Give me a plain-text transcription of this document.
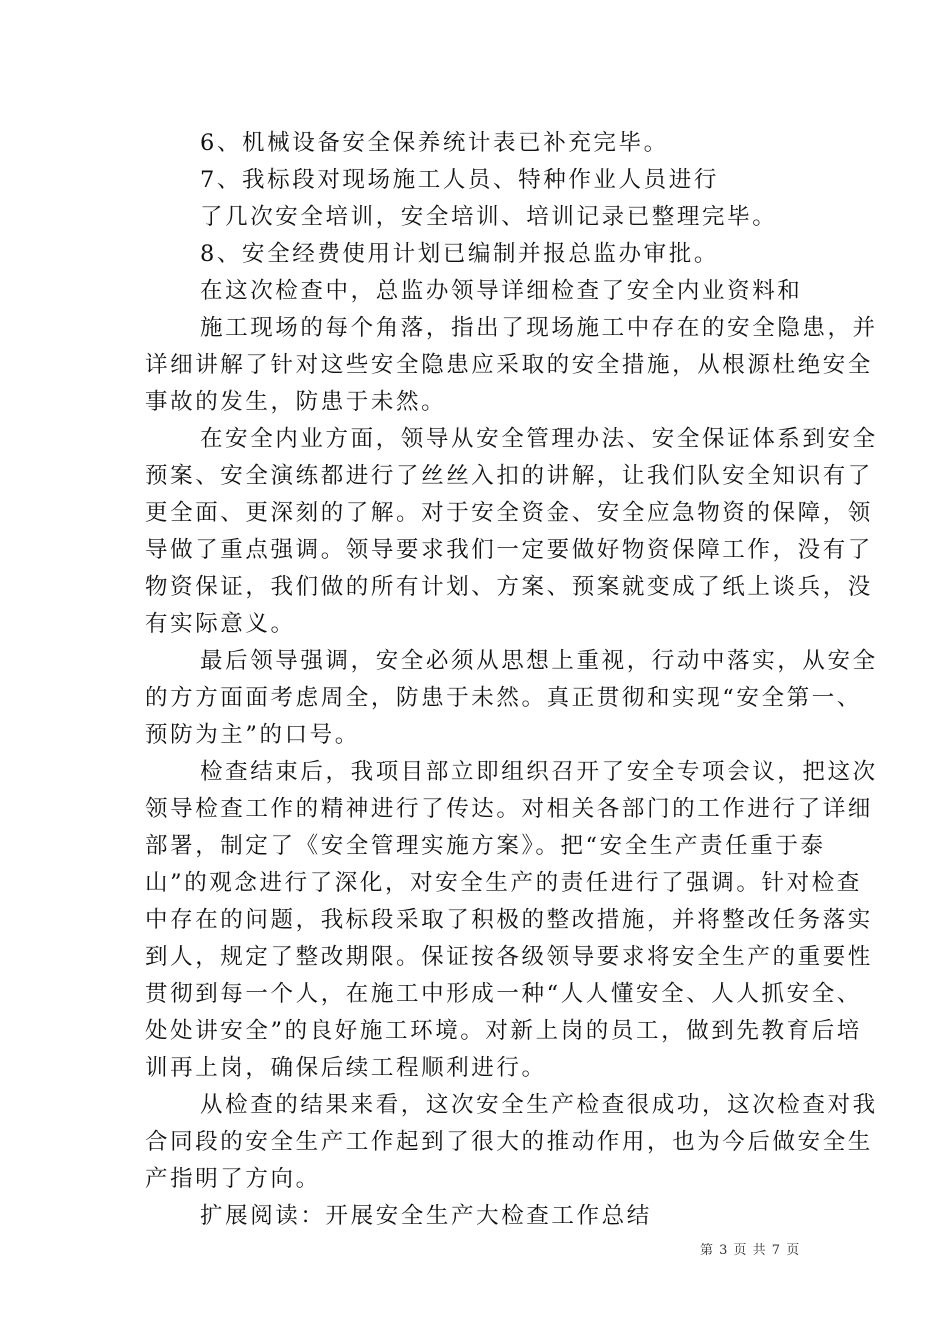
6、机械设备安全保养统计表已补充完毕。
7、我标段对现场施工人员、特种作业人员进行
了几次安全培训，安全培训、培训记录已整理完毕。
8、安全经费使用计划已编制并报总监办审批。
在这次检查中，总监办领导详细检查了安全内业资料和
施工现场的每个角落，指出了现场施工中存在的安全隐患，并
详细讲解了针对这些安全隐患应采取的安全措施，从根源杜绝安全
事故的发生，防患于未然。
在安全内业方面，领导从安全管理办法、安全保证体系到安全
预案、安全演练都进行了丝丝入扣的讲解，让我们队安全知识有了
更全面、更深刻的了解。对于安全资金、安全应急物资的保障，领
导做了重点强调。领导要求我们一定要做好物资保障工作，没有了
物资保证，我们做的所有计划、方案、预案就变成了纸上谈兵，没
有实际意义。
最后领导强调，安全必须从思想上重视，行动中落实，从安全
的方方面面考虑周全，防患于未然。真正贯彻和实现“安全第一、
预防为主”的口号。
检查结束后，我项目部立即组织召开了安全专项会议，把这次
领导检查工作的精神进行了传达。对相关各部门的工作进行了详细
部署，制定了《安全管理实施方案》。把“安全生产责任重于泰
山”的观念进行了深化，对安全生产的责任进行了强调。针对检查
中存在的问题，我标段采取了积极的整改措施，并将整改任务落实
到人，规定了整改期限。保证按各级领导要求将安全生产的重要性
贯彻到每一个人，在施工中形成一种“人人懂安全、人人抓安全、
处处讲安全”的良好施工环境。对新上岗的员工，做到先教育后培
训再上岗，确保后续工程顺利进行。
从检查的结果来看，这次安全生产检查很成功，这次检查对我
合同段的安全生产工作起到了很大的推动作用，也为今后做安全生
产指明了方向。
扩展阅读：开展安全生产大检查工作总结
第 3 页 共 7 页
